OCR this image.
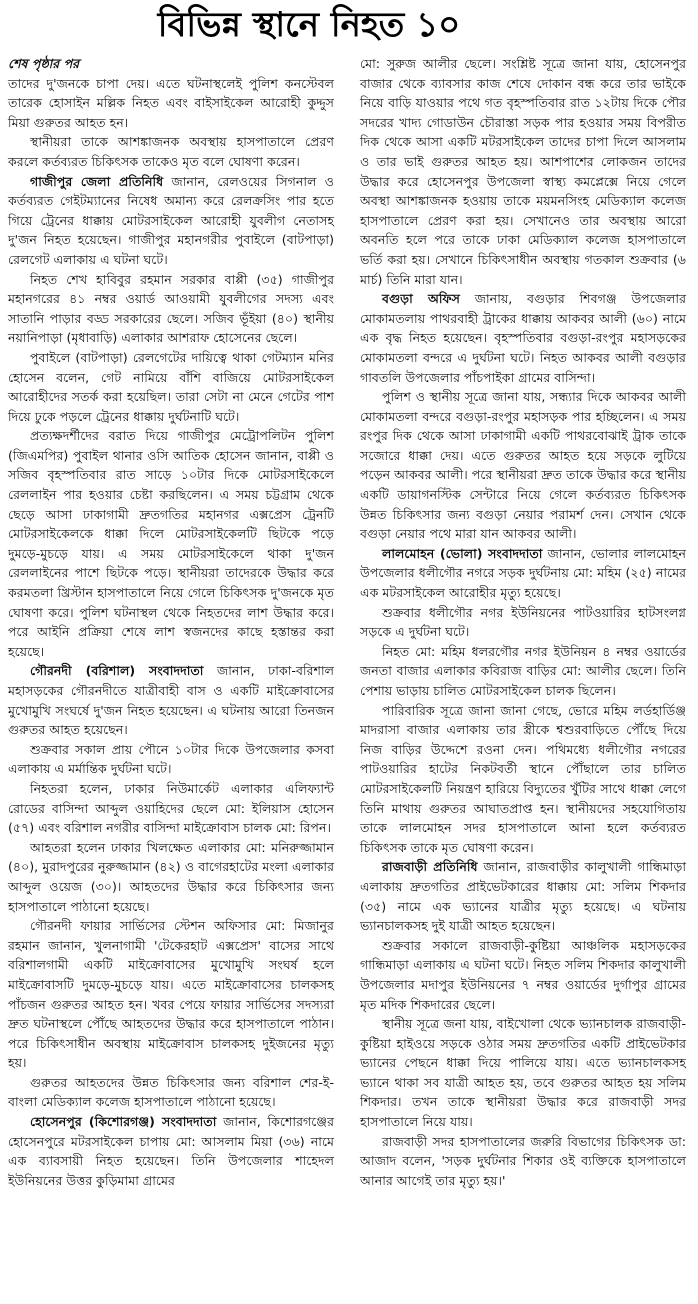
বিভিন্ন স্থানে নিহত ১০
শেষ পৃষ্ঠার পর

তাদের দু'জনকে চাপা দেয়। এতে ঘটনাস্থলেই পুলিশ কনস্টেবল তারেক হোসাইন মল্লিক নিহত এবং বাইসাইকেল আরোহী কুদ্দুস মিয়া গুরুতর আহত হন।

স্থানীয়রা তাকে আশঙ্কাজনক অবস্থায় হাসপাতালে প্রেরণ করলে কর্তব্যরত চিকিৎসক তাকেও মৃত বলে ঘোষণা করেন।

গাজীপুর জেলা প্রতিনিধি জানান, রেলওয়ের সিগনাল ও কর্তব্যরত গেইটম্যানের নিষেধ অমান্য করে রেলক্রসিং পার হতে গিয়ে ট্রেনের ধাক্কায় মোটরসাইকেল আরোহী যুবলীগ নেতাসহ দু'জন নিহত হয়েছেন। গাজীপুর মহানগরীর পুবাইলে (বাটপাড়া) রেলগেট এলাকায় এ ঘটনা ঘটে।

নিহত শেখ হাবিবুর রহমান সরকার বাপ্পী (৩৫) গাজীপুর মহানগরের ৪১ নম্বর ওয়ার্ড আওয়ামী যুবলীগের সদস্য এবং সাতানি পাড়ার বড্ড সরকারের ছেলে। সজিব ভূঁইয়া (৪০) স্থানীয় নয়ানিপাড়া (মৃধাবাড়ি) এলাকার আশরাফ হোসেনের ছেলে।

পুবাইলে (বাটপাড়া) রেলগেটের দায়িত্বে থাকা গেটম্যান মনির হোসেন বলেন, গেট নামিয়ে বাঁশি বাজিয়ে মোটরসাইকেল আরোহীদের সতর্ক করা হয়েছিল। তারা সেটা না মেনে গেটের পাশ দিয়ে ঢুকে পড়লে ট্রেনের ধাক্কায় দুর্ঘটনাটি ঘটে।

প্রত্যক্ষদর্শীদের বরাত দিয়ে গাজীপুর মেট্রোপলিটন পুলিশ (জিএমপির) পুবাইল থানার ওসি আতিক হোসেন জানান, বাপ্পী ও সজিব বৃহস্পতিবার রাত সাড়ে ১০টার দিকে মোটরসাইকেলে রেললাইন পার হওয়ার চেষ্টা করছিলেন। এ সময় চট্টগ্রাম থেকে ছেড়ে আসা ঢাকাগামী দ্রুতগতির মহানগর এক্সপ্রেস ট্রেনটি মোটরসাইকেলকে ধাক্কা দিলে মোটরসাইকেলটি ছিটকে পড়ে দুমড়ে-মুচড়ে যায়। এ সময় মোটরসাইকেলে থাকা দু'জন রেললাইনের পাশে ছিটকে পড়ে। স্থানীয়রা তাদেরকে উদ্ধার করে করমতলা খ্রিস্টান হাসপাতালে নিয়ে গেলে চিকিৎসক দু'জনকে মৃত ঘোষণা করে। পুলিশ ঘটনাস্থল থেকে নিহতদের লাশ উদ্ধার করে। পরে আইনি প্রক্রিয়া শেষে লাশ স্বজনদের কাছে হস্তান্তর করা হয়েছে।

গৌরনদী (বরিশাল) সংবাদদাতা জানান, ঢাকা-বরিশাল মহাসড়কের গৌরনদীতে যাত্রীবাহী বাস ও একটি মাইক্রোবাসের মুখোমুখি সংঘর্ষে দু'জন নিহত হয়েছেন। এ ঘটনায় আরো তিনজন গুরুতর আহত হয়েছেন।

শুক্রবার সকাল প্রায় পৌনে ১০টার দিকে উপজেলার কসবা এলাকায় এ মর্মান্তিক দুর্ঘটনা ঘটে।

নিহতরা হলেন, ঢাকার নিউমার্কেট এলাকার এলিফ্যান্ট রোডের বাসিন্দা আব্দুল ওয়াহিদের ছেলে মো: ইলিয়াস হোসেন (৫৭) এবং বরিশাল নগরীর বাসিন্দা মাইক্রোবাস চালক মো: রিপন।

আহতরা হলেন ঢাকার খিলক্ষেত এলাকার মো: মনিরুজ্জামান (৪০), মুরাদপুরের নুরুজ্জামান (৪২) ও বাগেরহাটের মংলা এলাকার আব্দুল ওয়েজ (৩০)। আহতদের উদ্ধার করে চিকিৎসার জন্য হাসপাতালে পাঠানো হয়েছে।

গৌরনদী ফায়ার সার্ভিসের স্টেশন অফিসার মো: মিজানুর রহমান জানান, খুলনাগামী 'টেকেরহাট এক্সপ্রেস' বাসের সাথে বরিশালগামী একটি মাইক্রোবাসের মুখোমুখি সংঘর্ষ হলে মাইক্রোবাসটি দুমড়ে-মুচড়ে যায়। এতে মাইক্রোবাসের চালকসহ পাঁচজন গুরুতর আহত হন। খবর পেয়ে ফায়ার সার্ভিসের সদস্যরা দ্রুত ঘটনাস্থলে পৌঁছে আহতদের উদ্ধার করে হাসপাতালে পাঠান। পরে চিকিৎসাধীন অবস্থায় মাইক্রোবাস চালকসহ দুইজনের মৃত্যু হয়।

গুরুতর আহতদের উন্নত চিকিৎসার জন্য বরিশাল শের-ই-বাংলা মেডিক্যাল কলেজ হাসপাতালে পাঠানো হয়েছে।

হোসেনপুর (কিশোরগঞ্জ) সংবাদদাতা জানান, কিশোরগঞ্জের হোসেনপুরে মটরসাইকেল চাপায় মো: আসলাম মিয়া (৩৬) নামে এক ব্যাবসায়ী নিহত হয়েছেন। তিনি উপজেলার শাহেদল ইউনিয়নের উত্তর কুড়িমামা গ্রামের

মো: সুরুজ আলীর ছেলে। সংশ্লিষ্ট সূত্রে জানা যায়, হোসেনপুর বাজার থেকে ব্যাবসার কাজ শেষে দোকান বন্ধ করে তার ভাইকে নিয়ে বাড়ি যাওয়ার পথে গত বৃহস্পতিবার রাত ১২টায় দিকে পৌর সদরের খাদ্য গোডাউন চৌরাস্তা সড়ক পার হওয়ার সময় বিপরীত দিক থেকে আসা একটি মটরসাইকেল তাদের চাপা দিলে আসলাম ও তার ভাই গুরুতর আহত হয়। আশপাশের লোকজন তাদের উদ্ধার করে হোসেনপুর উপজেলা স্বাস্থ্য কমপ্লেক্সে নিয়ে গেলে অবস্থা আশঙ্কাজনক হওয়ায় তাকে ময়মনসিংহ মেডিক্যাল কলেজ হাসপাতালে প্রেরণ করা হয়। সেখানেও তার অবস্থায় আরো অবনতি হলে পরে তাকে ঢাকা মেডিক্যাল কলেজ হাসপাতালে ভর্তি করা হয়। সেখানে চিকিৎসাধীন অবস্থায় গতকাল শুক্রবার (৬ মার্চ) তিনি মারা যান।

বগুড়া অফিস জানায়, বগুড়ার শিবগঞ্জ উপজেলার মোকামতলায় পাথরবাহী ট্রাকের ধাক্কায় আকবর আলী (৬০) নামে এক বৃদ্ধ নিহত হয়েছেন। বৃহস্পতিবার বগুড়া-রংপুর মহাসড়কের মোকামতলা বন্দরে এ দুর্ঘটনা ঘটে। নিহত আকবর আলী বগুড়ার গাবতলি উপজেলার পাঁচপাইকা গ্রামের বাসিন্দা।

পুলিশ ও স্থানীয় সূত্রে জানা যায়, সন্ধ্যার দিকে আকবর আলী মোকামতলা বন্দরে বগুড়া-রংপুর মহাসড়ক পার হচ্ছিলেন। এ সময় রংপুর দিক থেকে আসা ঢাকাগামী একটি পাথরবোঝাই ট্রাক তাকে সজোরে ধাক্কা দেয়। এতে গুরুতর আহত হয়ে সড়কে লুটিয়ে পড়েন আকবর আলী। পরে স্থানীয়রা দ্রুত তাকে উদ্ধার করে স্থানীয় একটি ডায়াগনস্টিক সেন্টারে নিয়ে গেলে কর্তব্যরত চিকিৎসক উন্নত চিকিৎসার জন্য বগুড়া নেয়ার পরামর্শ দেন। সেখান থেকে বগুড়া নেয়ার পথে মারা যান আকবর আলী।

লালমোহন (ভোলা) সংবাদদাতা জানান, ভোলার লালমোহন উপজেলার ধলীগৌর নগরে সড়ক দুর্ঘটনায় মো: মহিম (২৫) নামের এক মটরসাইকেল আরোহীর মৃত্যু হয়েছে।

শুক্রবার ধলীগৌর নগর ইউনিয়নের পাটওয়ারির হাটসংলগ্ন সড়কে এ দুর্ঘটনা ঘটে।

নিহত মো: মহিম ধলরগৌর নগর ইউনিয়ন ৪ নম্বর ওয়ার্ডের জনতা বাজার এলাকার কবিরাজ বাড়ির মো: আলীর ছেলে। তিনি পেশায় ভাড়ায় চালিত মোটরসাইকেল চালক ছিলেন।

পারিবারিক সূত্রে জানা জানা গেছে, ভোরে মহিম লর্ডহার্ডিঞ্জ মাদরাসা বাজার এলাকায় তার স্ত্রীকে শ্বশুরবাড়িতে পৌঁছে দিয়ে নিজ বাড়ির উদ্দেশে রওনা দেন। পথিমধ্যে ধলীগৌর নগরের পাটওয়ারির হাটের নিকটবর্তী স্থানে পৌঁছালে তার চালিত মোটরসাইকেলটি নিয়ন্ত্রণ হারিয়ে বিদ্যুতের খুঁটির সাথে ধাক্কা লেগে তিনি মাথায় গুরুতর আঘাতপ্রাপ্ত হন। স্থানীয়দের সহযোগিতায় তাকে লালমোহন সদর হাসপাতালে আনা হলে কর্তব্যরত চিকিৎসক তাকে মৃত ঘোষণা করেন।

রাজবাড়ী প্রতিনিধি জানান, রাজবাড়ীর কালুখালী গান্ধিমাড়া এলাকায় দ্রুতগতির প্রাইভেটকারের ধাক্কায় মো: সলিম শিকদার (৩৫) নামে এক ভ্যানের যাত্রীর মৃত্যু হয়েছে। এ ঘটনায় ভ্যানচালকসহ দুই যাত্রী আহত হয়েছেন।

শুক্রবার সকালে রাজবাড়ী-কুষ্টিয়া আঞ্চলিক মহাসড়কের গান্ধিমাড়া এলাকায় এ ঘটনা ঘটে। নিহত সলিম শিকদার কালুখালী উপজেলার মদাপুর ইউনিয়নের ৭ নম্বর ওয়ার্ডের দুর্গাপুর গ্রামের মৃত মদিক শিকদারের ছেলে।

স্থানীয় সূত্রে জনা যায়, বাইখোলা থেকে ভ্যানচালক রাজবাড়ী-কুষ্টিয়া হাইওয়ে সড়কে ওঠার সময় দ্রুতগতির একটি প্রাইভেটকার ভ্যানের পেছনে ধাক্কা দিয়ে পালিয়ে যায়। এতে ভ্যানচালকসহ ভ্যানে থাকা সব যাত্রী আহত হয়, তবে গুরুতর আহত হয় সলিম শিকদার। তখন তাকে স্থানীয়রা উদ্ধার করে রাজবাড়ী সদর হাসপাতালে নিয়ে যায়।

রাজবাড়ী সদর হাসপাতালের জরুরি বিভাগের চিকিৎসক ডা: আজাদ বলেন, 'সড়ক দুর্ঘটনার শিকার ওই ব্যক্তিকে হাসপাতালে আনার আগেই তার মৃত্যু হয়।'
